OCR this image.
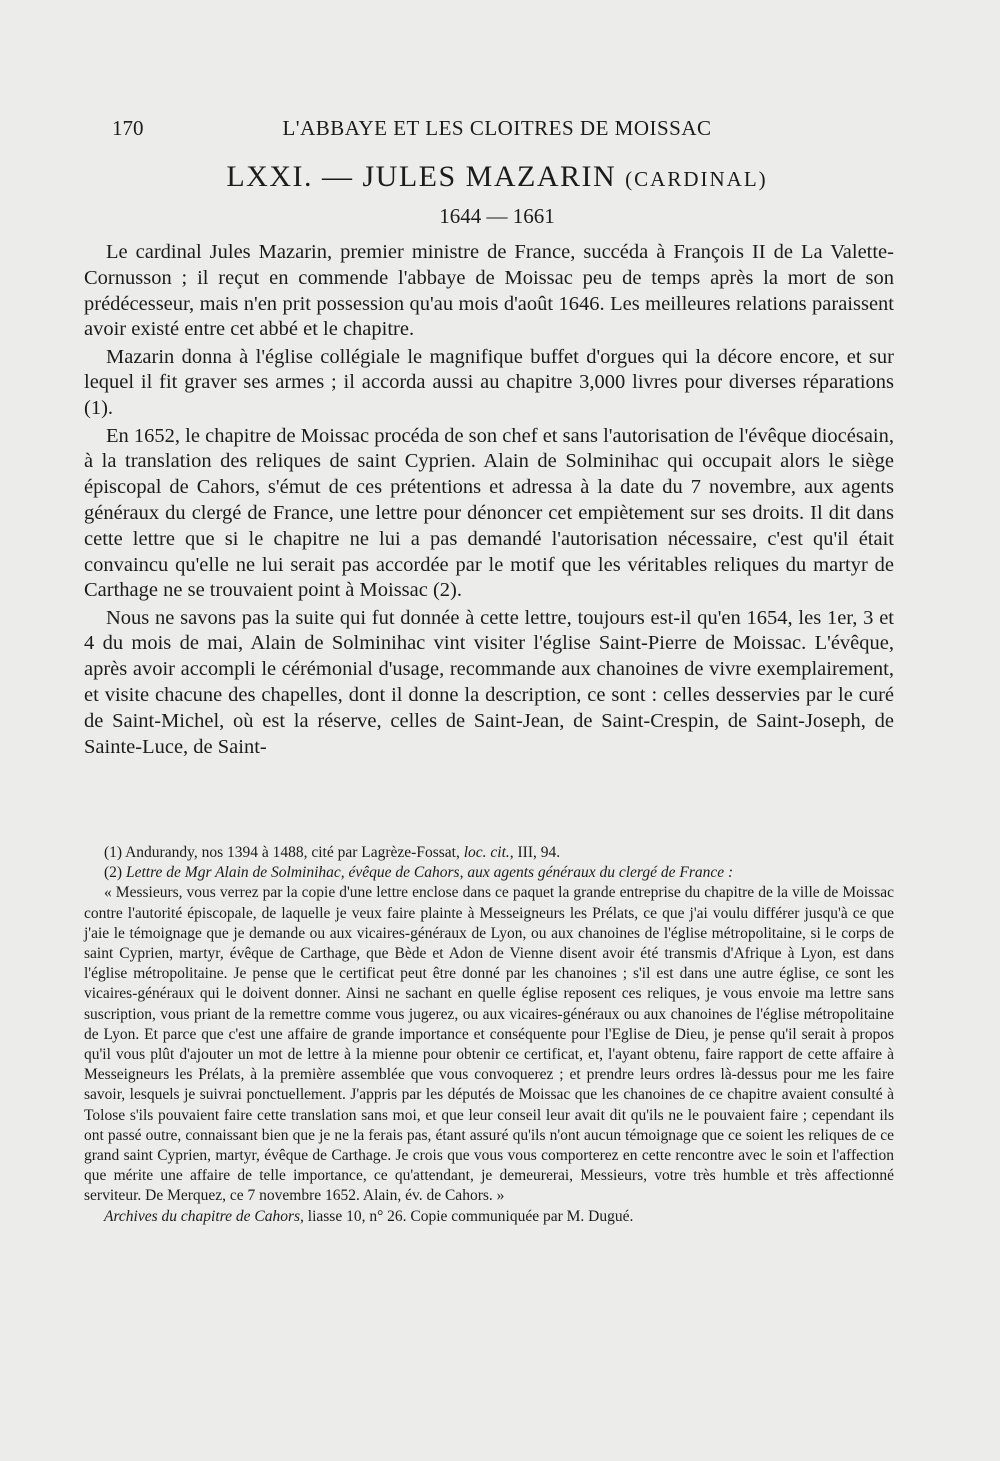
170	L'ABBAYE ET LES CLOITRES DE MOISSAC
LXXI. — JULES MAZARIN (CARDINAL)
1644 — 1661

Le cardinal Jules Mazarin, premier ministre de France, succéda à François II de La Valette-Cornusson ; il reçut en commende l'abbaye de Moissac peu de temps après la mort de son prédécesseur, mais n'en prit possession qu'au mois d'août 1646. Les meilleures relations paraissent avoir existé entre cet abbé et le chapitre.

Mazarin donna à l'église collégiale le magnifique buffet d'orgues qui la décore encore, et sur lequel il fit graver ses armes ; il accorda aussi au chapitre 3,000 livres pour diverses réparations (1).

En 1652, le chapitre de Moissac procéda de son chef et sans l'autorisation de l'évêque diocésain, à la translation des reliques de saint Cyprien. Alain de Solminihac qui occupait alors le siège épiscopal de Cahors, s'émut de ces prétentions et adressa à la date du 7 novembre, aux agents généraux du clergé de France, une lettre pour dénoncer cet empiètement sur ses droits. Il dit dans cette lettre que si le chapitre ne lui a pas demandé l'autorisation nécessaire, c'est qu'il était convaincu qu'elle ne lui serait pas accordée par le motif que les véritables reliques du martyr de Carthage ne se trouvaient point à Moissac (2).

Nous ne savons pas la suite qui fut donnée à cette lettre, toujours est-il qu'en 1654, les 1er, 3 et 4 du mois de mai, Alain de Solminihac vint visiter l'église Saint-Pierre de Moissac. L'évêque, après avoir accompli le cérémonial d'usage, recommande aux chanoines de vivre exemplairement, et visite chacune des chapelles, dont il donne la description, ce sont : celles desservies par le curé de Saint-Michel, où est la réserve, celles de Saint-Jean, de Saint-Crespin, de Saint-Joseph, de Sainte-Luce, de Saint-

(1) Andurandy, nos 1394 à 1488, cité par Lagrèze-Fossat, loc. cit., III, 94.

(2) Lettre de Mgr Alain de Solminihac, évêque de Cahors, aux agents généraux du clergé de France :

« Messieurs, vous verrez par la copie d'une lettre enclose dans ce paquet la grande entreprise du chapitre de la ville de Moissac contre l'autorité épiscopale, de laquelle je veux faire plainte à Messeigneurs les Prélats, ce que j'ai voulu différer jusqu'à ce que j'aie le témoignage que je demande ou aux vicaires-généraux de Lyon, ou aux chanoines de l'église métropolitaine, si le corps de saint Cyprien, martyr, évêque de Carthage, que Bède et Adon de Vienne disent avoir été transmis d'Afrique à Lyon, est dans l'église métropolitaine. Je pense que le certificat peut être donné par les chanoines ; s'il est dans une autre église, ce sont les vicaires-généraux qui le doivent donner. Ainsi ne sachant en quelle église reposent ces reliques, je vous envoie ma lettre sans suscription, vous priant de la remettre comme vous jugerez, ou aux vicaires-généraux ou aux chanoines de l'église métropolitaine de Lyon. Et parce que c'est une affaire de grande importance et conséquente pour l'Eglise de Dieu, je pense qu'il serait à propos qu'il vous plût d'ajouter un mot de lettre à la mienne pour obtenir ce certificat, et, l'ayant obtenu, faire rapport de cette affaire à Messeigneurs les Prélats, à la première assemblée que vous convoquerez ; et prendre leurs ordres là-dessus pour me les faire savoir, lesquels je suivrai ponctuellement. J'appris par les députés de Moissac que les chanoines de ce chapitre avaient consulté à Tolose s'ils pouvaient faire cette translation sans moi, et que leur conseil leur avait dit qu'ils ne le pouvaient faire ; cependant ils ont passé outre, connaissant bien que je ne la ferais pas, étant assuré qu'ils n'ont aucun témoignage que ce soient les reliques de ce grand saint Cyprien, martyr, évêque de Carthage. Je crois que vous vous comporterez en cette rencontre avec le soin et l'affection que mérite une affaire de telle importance, ce qu'attendant, je demeurerai, Messieurs, votre très humble et très affectionné serviteur. De Merquez, ce 7 novembre 1652. Alain, év. de Cahors. »

Archives du chapitre de Cahors, liasse 10, n° 26. Copie communiquée par M. Dugué.
